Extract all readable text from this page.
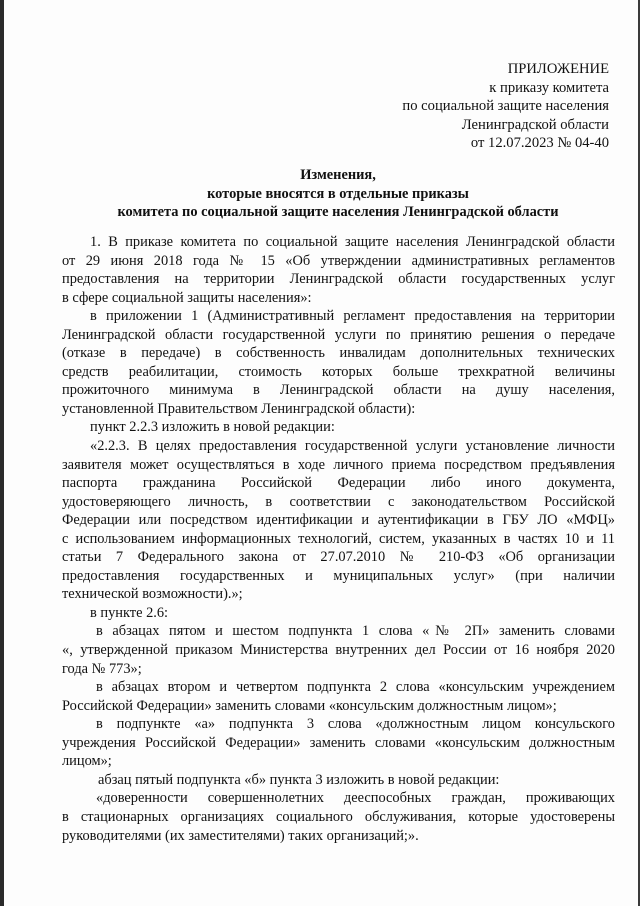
ПРИЛОЖЕНИЕ
к приказу комитета
по социальной защите населения
Ленинградской области
от 12.07.2023 № 04-40
Изменения,
которые вносятся в отдельные приказы
комитета по социальной защите населения Ленинградской области
1. В приказе комитета по социальной защите населения Ленинградской области
от 29 июня 2018 года № 15 «Об утверждении административных регламентов
предоставления на территории Ленинградской области государственных услуг
в сфере социальной защиты населения»:
в приложении 1 (Административный регламент предоставления на территории
Ленинградской области государственной услуги по принятию решения о передаче
(отказе в передаче) в собственность инвалидам дополнительных технических
средств реабилитации, стоимость которых больше трехкратной величины
прожиточного минимума в Ленинградской области на душу населения,
установленной Правительством Ленинградской области):
пункт 2.2.3 изложить в новой редакции:
«2.2.3. В целях предоставления государственной услуги установление личности
заявителя может осуществляться в ходе личного приема посредством предъявления
паспорта гражданина Российской Федерации либо иного документа,
удостоверяющего личность, в соответствии с законодательством Российской
Федерации или посредством идентификации и аутентификации в ГБУ ЛО «МФЦ»
с использованием информационных технологий, систем, указанных в частях 10 и 11
статьи 7 Федерального закона от 27.07.2010 № 210-ФЗ «Об организации
предоставления государственных и муниципальных услуг» (при наличии
технической возможности).»;
в пункте 2.6:
в абзацах пятом и шестом подпункта 1 слова «№ 2П» заменить словами
«, утвержденной приказом Министерства внутренних дел России от 16 ноября 2020
года № 773»;
в абзацах втором и четвертом подпункта 2 слова «консульским учреждением
Российской Федерации» заменить словами «консульским должностным лицом»;
в подпункте «а» подпункта 3 слова «должностным лицом консульского
учреждения Российской Федерации» заменить словами «консульским должностным
лицом»;
абзац пятый подпункта «б» пункта 3 изложить в новой редакции:
«доверенности совершеннолетних дееспособных граждан, проживающих
в стационарных организациях социального обслуживания, которые удостоверены
руководителями (их заместителями) таких организаций;».
